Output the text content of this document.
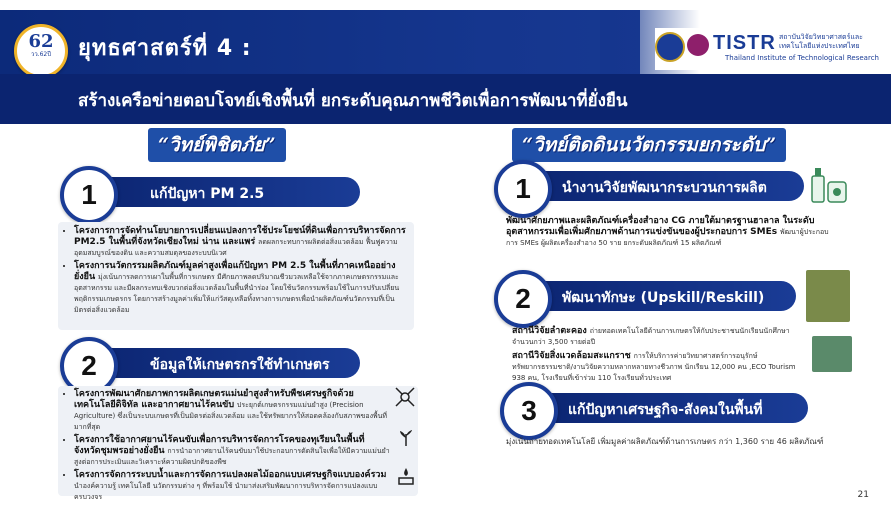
62
วว.62ปี	ยุทธศาสตร์ที่ 4 :	TISTR สถาบันวิจัยวิทยาศาสตร์และเทคโนโลยีแห่งประเทศไทย
Thailand Institute of Technological Research
สร้างเครือข่ายตอบโจทย์เชิงพื้นที่ ยกระดับคุณภาพชีวิตเพื่อการพัฒนาที่ยั่งยืน
“วิทย์พิชิตภัย”	“วิทย์ติดดินนวัตกรรมยกระดับ”
แก้ปัญหา PM 2.5
1
• โครงการการจัดทำนโยบายการเปลี่ยนแปลงการใช้ประโยชน์ที่ดินเพื่อการบริหารจัดการ PM2.5 ในพื้นที่จังหวัดเชียงใหม่ น่าน และแพร่ ลดผลกระทบการผลิตต่อสิ่งแวดล้อม ฟื้นฟูความอุดมสมบูรณ์ของดิน และความสมดุลของระบบนิเวศ
• โครงการนวัตกรรมผลิตภัณฑ์มูลค่าสูงเพื่อแก้ปัญหา PM 2.5 ในพื้นที่ภาคเหนืออย่างยั่งยืน มุ่งเน้นการลดการเผาในพื้นที่การเกษตร มีศักยภาพลดปริมาณชีวมวลเหลือใช้จากภาคเกษตรกรรมและอุตสาหกรรม และมีผลกระทบเชิงบวกต่อสิ่งแวดล้อมในพื้นที่นำร่อง โดยใช้นวัตกรรมพร้อมใช้ในการปรับเปลี่ยนพฤติกรรมเกษตรกร โดยการสร้างมูลค่าเพิ่มให้แก่วัสดุเหลือทิ้งทางการเกษตรเพื่อนำผลิตภัณฑ์นวัตกรรมที่เป็นมิตรต่อสิ่งแวดล้อม
ข้อมูลให้เกษตรกรใช้ทำเกษตร
2
• โครงการพัฒนาศักยภาพการผลิตเกษตรแม่นยำสูงสำหรับพืชเศรษฐกิจด้วยเทคโนโลยีดิจิทัล และอากาศยานไร้คนขับ ประยุกต์เกษตรกรรมแม่นยำสูง (Precision Agriculture) ซึ่งเป็นระบบเกษตรที่เป็นมิตรต่อสิ่งแวดล้อม และใช้ทรัพยากรให้สอดคล้องกับสภาพของพื้นที่มากที่สุด
• โครงการใช้อากาศยานไร้คนขับเพื่อการบริหารจัดการโรคของทุเรียนในพื้นที่จังหวัดชุมพรอย่างยั่งยืน การนำอากาศยานไร้คนขับมาใช้ประกอบการตัดสินใจเพื่อให้มีความแม่นยำสูงต่อการประเมินและวิเคราะห์ความผิดปกติของพืช
• โครงการจัดการระบบน้ำและการจัดการแปลงผลไม้ออกแบบเศรษฐกิจแบบองค์รวม นำองค์ความรู้ เทคโนโลยี นวัตกรรมต่าง ๆ ที่พร้อมใช้ นำมาส่งเสริมพัฒนาการบริหารจัดการแปลงแบบครบวงจร
นำงานวิจัยพัฒนากระบวนการผลิต
1
พัฒนาศักยภาพและผลิตภัณฑ์เครื่องสำอาง CG ภายใต้มาตรฐานฮาลาล ในระดับอุตสาหกรรมเพื่อเพิ่มศักยภาพด้านการแข่งขันของผู้ประกอบการ SMEs พัฒนาผู้ประกอบการ SMEs ผู้ผลิตเครื่องสำอาง 50 ราย ยกระดับผลิตภัณฑ์ 15 ผลิตภัณฑ์
พัฒนาทักษะ (Upskill/Reskill)
2
สถานีวิจัยลำตะคอง ถ่ายทอดเทคโนโลยีด้านการเกษตรให้กับประชาชนนักเรียนนักศึกษา จำนวนกว่า 3,500 รายต่อปี
สถานีวิจัยสิ่งแวดล้อมสะแกราช การให้บริการค่ายวิทยาศาสตร์การอนุรักษ์ทรัพยากรธรรมชาติ/งานวิจัยความหลากหลายทางชีวภาพ นักเรียน 12,000 คน ,ECO Tourism 938 คน, โรงเรียนที่เข้าร่วม 110 โรงเรียนทั่วประเทศ
แก้ปัญหาเศรษฐกิจ-สังคมในพื้นที่
3
มุ่งเน้นถ่ายทอดเทคโนโลยี เพิ่มมูลค่าผลิตภัณฑ์ด้านการเกษตร กว่า 1,360 ราย 46 ผลิตภัณฑ์
21
